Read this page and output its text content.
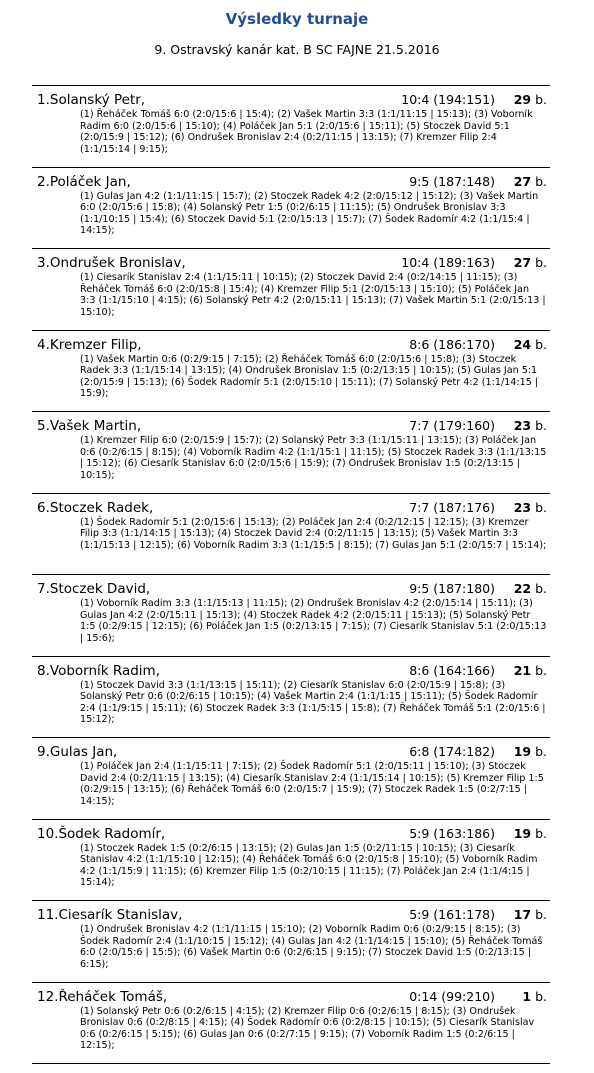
Výsledky turnaje
9. Ostravský kanár kat. B SC FAJNE 21.5.2016
1.Solanský Petr,	10:4 (194:151) 29 b.
(1) Řeháček Tomáš 6:0 (2:0/15:6 | 15:4); (2) Vašek Martin 3:3 (1:1/11:15 | 15:13); (3) Voborník Radim 6:0 (2:0/15:6 | 15:10); (4) Poláček Jan 5:1 (2:0/15:6 | 15:11); (5) Stoczek David 5:1 (2:0/15:9 | 15:12); (6) Ondrušek Bronislav 2:4 (0:2/11:15 | 13:15); (7) Kremzer Filip 2:4 (1:1/15:14 | 9:15);
2.Poláček Jan,	9:5 (187:148) 27 b.
(1) Gulas Jan 4:2 (1:1/11:15 | 15:7); (2) Stoczek Radek 4:2 (2:0/15:12 | 15:12); (3) Vašek Martin 6:0 (2:0/15:6 | 15:8); (4) Solanský Petr 1:5 (0:2/6:15 | 11:15); (5) Ondrušek Bronislav 3:3 (1:1/10:15 | 15:4); (6) Stoczek David 5:1 (2:0/15:13 | 15:7); (7) Šodek Radomír 4:2 (1:1/15:4 | 14:15);
3.Ondrušek Bronislav,	10:4 (189:163) 27 b.
(1) Ciesarík Stanislav 2:4 (1:1/15:11 | 10:15); (2) Stoczek David 2:4 (0:2/14:15 | 11:15); (3) Řeháček Tomáš 6:0 (2:0/15:8 | 15:4); (4) Kremzer Filip 5:1 (2:0/15:13 | 15:10); (5) Poláček Jan 3:3 (1:1/15:10 | 4:15); (6) Solanský Petr 4:2 (2:0/15:11 | 15:13); (7) Vašek Martin 5:1 (2:0/15:13 | 15:10);
4.Kremzer Filip,	8:6 (186:170) 24 b.
(1) Vašek Martin 0:6 (0:2/9:15 | 7:15); (2) Řeháček Tomáš 6:0 (2:0/15:6 | 15:8); (3) Stoczek Radek 3:3 (1:1/15:14 | 13:15); (4) Ondrušek Bronislav 1:5 (0:2/13:15 | 10:15); (5) Gulas Jan 5:1 (2:0/15:9 | 15:13); (6) Šodek Radomír 5:1 (2:0/15:10 | 15:11); (7) Solanský Petr 4:2 (1:1/14:15 | 15:9);
5.Vašek Martin,	7:7 (179:160) 23 b.
(1) Kremzer Filip 6:0 (2:0/15:9 | 15:7); (2) Solanský Petr 3:3 (1:1/15:11 | 13:15); (3) Poláček Jan 0:6 (0:2/6:15 | 8:15); (4) Voborník Radim 4:2 (1:1/15:1 | 11:15); (5) Stoczek Radek 3:3 (1:1/13:15 | 15:12); (6) Ciesarík Stanislav 6:0 (2:0/15:6 | 15:9); (7) Ondrušek Bronislav 1:5 (0:2/13:15 | 10:15);
6.Stoczek Radek,	7:7 (187:176) 23 b.
(1) Šodek Radomír 5:1 (2:0/15:6 | 15:13); (2) Poláček Jan 2:4 (0:2/12:15 | 12:15); (3) Kremzer Filip 3:3 (1:1/14:15 | 15:13); (4) Stoczek David 2:4 (0:2/11:15 | 13:15); (5) Vašek Martin 3:3 (1:1/15:13 | 12:15); (6) Voborník Radim 3:3 (1:1/15:5 | 8:15); (7) Gulas Jan 5:1 (2:0/15:7 | 15:14);
7.Stoczek David,	9:5 (187:180) 22 b.
(1) Voborník Radim 3:3 (1:1/15:13 | 11:15); (2) Ondrušek Bronislav 4:2 (2:0/15:14 | 15:11); (3) Gulas Jan 4:2 (2:0/15:11 | 15:13); (4) Stoczek Radek 4:2 (2:0/15:11 | 15:13); (5) Solanský Petr 1:5 (0:2/9:15 | 12:15); (6) Poláček Jan 1:5 (0:2/13:15 | 7:15); (7) Ciesarík Stanislav 5:1 (2:0/15:13 | 15:6);
8.Voborník Radim,	8:6 (164:166) 21 b.
(1) Stoczek David 3:3 (1:1/13:15 | 15:11); (2) Ciesarík Stanislav 6:0 (2:0/15:9 | 15:8); (3) Solanský Petr 0:6 (0:2/6:15 | 10:15); (4) Vašek Martin 2:4 (1:1/1:15 | 15:11); (5) Šodek Radomír 2:4 (1:1/9:15 | 15:11); (6) Stoczek Radek 3:3 (1:1/5:15 | 15:8); (7) Řeháček Tomáš 5:1 (2:0/15:6 | 15:12);
9.Gulas Jan,	6:8 (174:182) 19 b.
(1) Poláček Jan 2:4 (1:1/15:11 | 7:15); (2) Šodek Radomír 5:1 (2:0/15:11 | 15:10); (3) Stoczek David 2:4 (0:2/11:15 | 13:15); (4) Ciesarík Stanislav 2:4 (1:1/15:14 | 10:15); (5) Kremzer Filip 1:5 (0:2/9:15 | 13:15); (6) Řeháček Tomáš 6:0 (2:0/15:7 | 15:9); (7) Stoczek Radek 1:5 (0:2/7:15 | 14:15);
10.Šodek Radomír,	5:9 (163:186) 19 b.
(1) Stoczek Radek 1:5 (0:2/6:15 | 13:15); (2) Gulas Jan 1:5 (0:2/11:15 | 10:15); (3) Ciesarík Stanislav 4:2 (1:1/15:10 | 12:15); (4) Řeháček Tomáš 6:0 (2:0/15:8 | 15:10); (5) Voborník Radim 4:2 (1:1/15:9 | 11:15); (6) Kremzer Filip 1:5 (0:2/10:15 | 11:15); (7) Poláček Jan 2:4 (1:1/4:15 | 15:14);
11.Ciesarík Stanislav,	5:9 (161:178) 17 b.
(1) Ondrušek Bronislav 4:2 (1:1/11:15 | 15:10); (2) Voborník Radim 0:6 (0:2/9:15 | 8:15); (3) Šodek Radomír 2:4 (1:1/10:15 | 15:12); (4) Gulas Jan 4:2 (1:1/14:15 | 15:10); (5) Řeháček Tomáš 6:0 (2:0/15:6 | 15:5); (6) Vašek Martin 0:6 (0:2/6:15 | 9:15); (7) Stoczek David 1:5 (0:2/13:15 | 6:15);
12.Řeháček Tomáš,	0:14 (99:210) 1 b.
(1) Solanský Petr 0:6 (0:2/6:15 | 4:15); (2) Kremzer Filip 0:6 (0:2/6:15 | 8:15); (3) Ondrušek Bronislav 0:6 (0:2/8:15 | 4:15); (4) Šodek Radomír 0:6 (0:2/8:15 | 10:15); (5) Ciesarík Stanislav 0:6 (0:2/6:15 | 5:15); (6) Gulas Jan 0:6 (0:2/7:15 | 9:15); (7) Voborník Radim 1:5 (0:2/6:15 | 12:15);
